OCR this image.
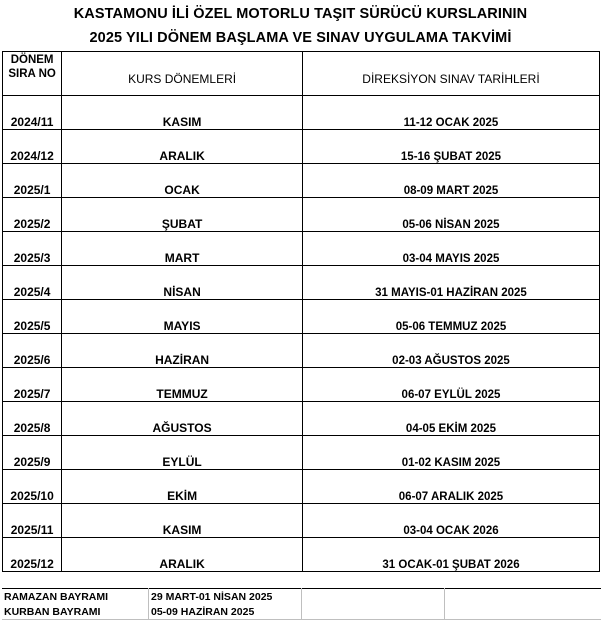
KASTAMONU İLİ ÖZEL MOTORLU TAŞIT SÜRÜCÜ KURSLARININ
2025 YILI DÖNEM BAŞLAMA VE SINAV UYGULAMA TAKVİMİ
DÖNEM SIRA NO	KURS DÖNEMLERİ	DİREKSİYON SINAV TARİHLERİ
2024/11	KASIM	11-12 OCAK 2025
2024/12	ARALIK	15-16 ŞUBAT 2025
2025/1	OCAK	08-09 MART 2025
2025/2	ŞUBAT	05-06 NİSAN 2025
2025/3	MART	03-04 MAYIS 2025
2025/4	NİSAN	31 MAYIS-01 HAZİRAN 2025
2025/5	MAYIS	05-06 TEMMUZ 2025
2025/6	HAZİRAN	02-03 AĞUSTOS 2025
2025/7	TEMMUZ	06-07 EYLÜL 2025
2025/8	AĞUSTOS	04-05 EKİM 2025
2025/9	EYLÜL	01-02 KASIM 2025
2025/10	EKİM	06-07 ARALIK 2025
2025/11	KASIM	03-04 OCAK 2026
2025/12	ARALIK	31 OCAK-01 ŞUBAT 2026
RAMAZAN BAYRAMI	29 MART-01 NİSAN 2025		
KURBAN BAYRAMI	05-09 HAZİRAN 2025		
